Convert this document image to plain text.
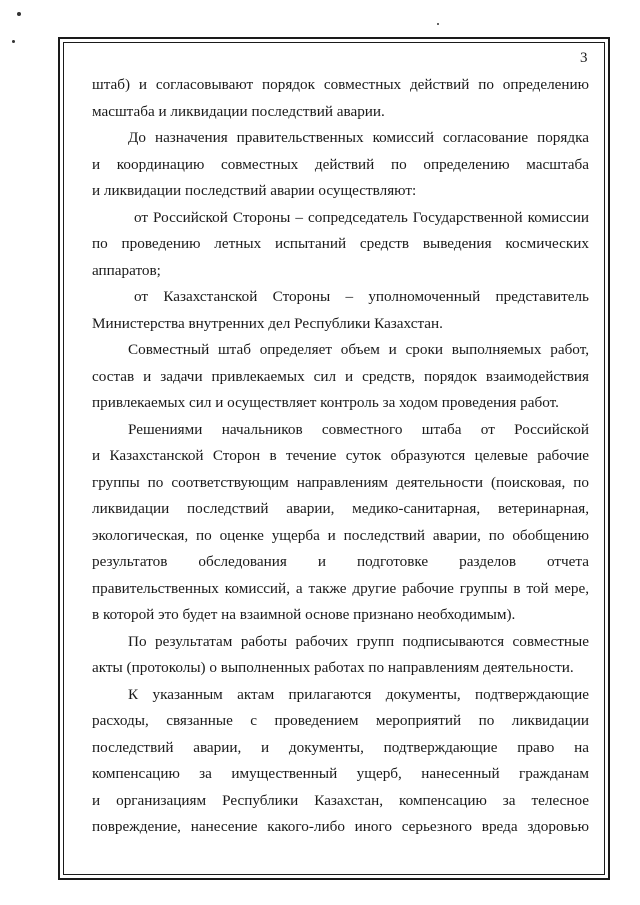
3
штаб) и согласовывают порядок совместных действий по определению
масштаба и ликвидации последствий аварии.
До назначения правительственных комиссий согласование порядка
и координацию совместных действий по определению масштаба
и ликвидации последствий аварии осуществляют:
от Российской Стороны – сопредседатель Государственной комиссии
по проведению летных испытаний средств выведения космических
аппаратов;
от Казахстанской Стороны – уполномоченный представитель
Министерства внутренних дел Республики Казахстан.
Совместный штаб определяет объем и сроки выполняемых работ,
состав и задачи привлекаемых сил и средств, порядок взаимодействия
привлекаемых сил и осуществляет контроль за ходом проведения работ.
Решениями начальников совместного штаба от Российской
и Казахстанской Сторон в течение суток образуются целевые рабочие
группы по соответствующим направлениям деятельности (поисковая, по
ликвидации последствий аварии, медико-санитарная, ветеринарная,
экологическая, по оценке ущерба и последствий аварии, по обобщению
результатов обследования и подготовке разделов отчета
правительственных комиссий, а также другие рабочие группы в той мере,
в которой это будет на взаимной основе признано необходимым).
По результатам работы рабочих групп подписываются совместные
акты (протоколы) о выполненных работах по направлениям деятельности.
К указанным актам прилагаются документы, подтверждающие
расходы, связанные с проведением мероприятий по ликвидации
последствий аварии, и документы, подтверждающие право на
компенсацию за имущественный ущерб, нанесенный гражданам
и организациям Республики Казахстан, компенсацию за телесное
повреждение, нанесение какого-либо иного серьезного вреда здоровью
